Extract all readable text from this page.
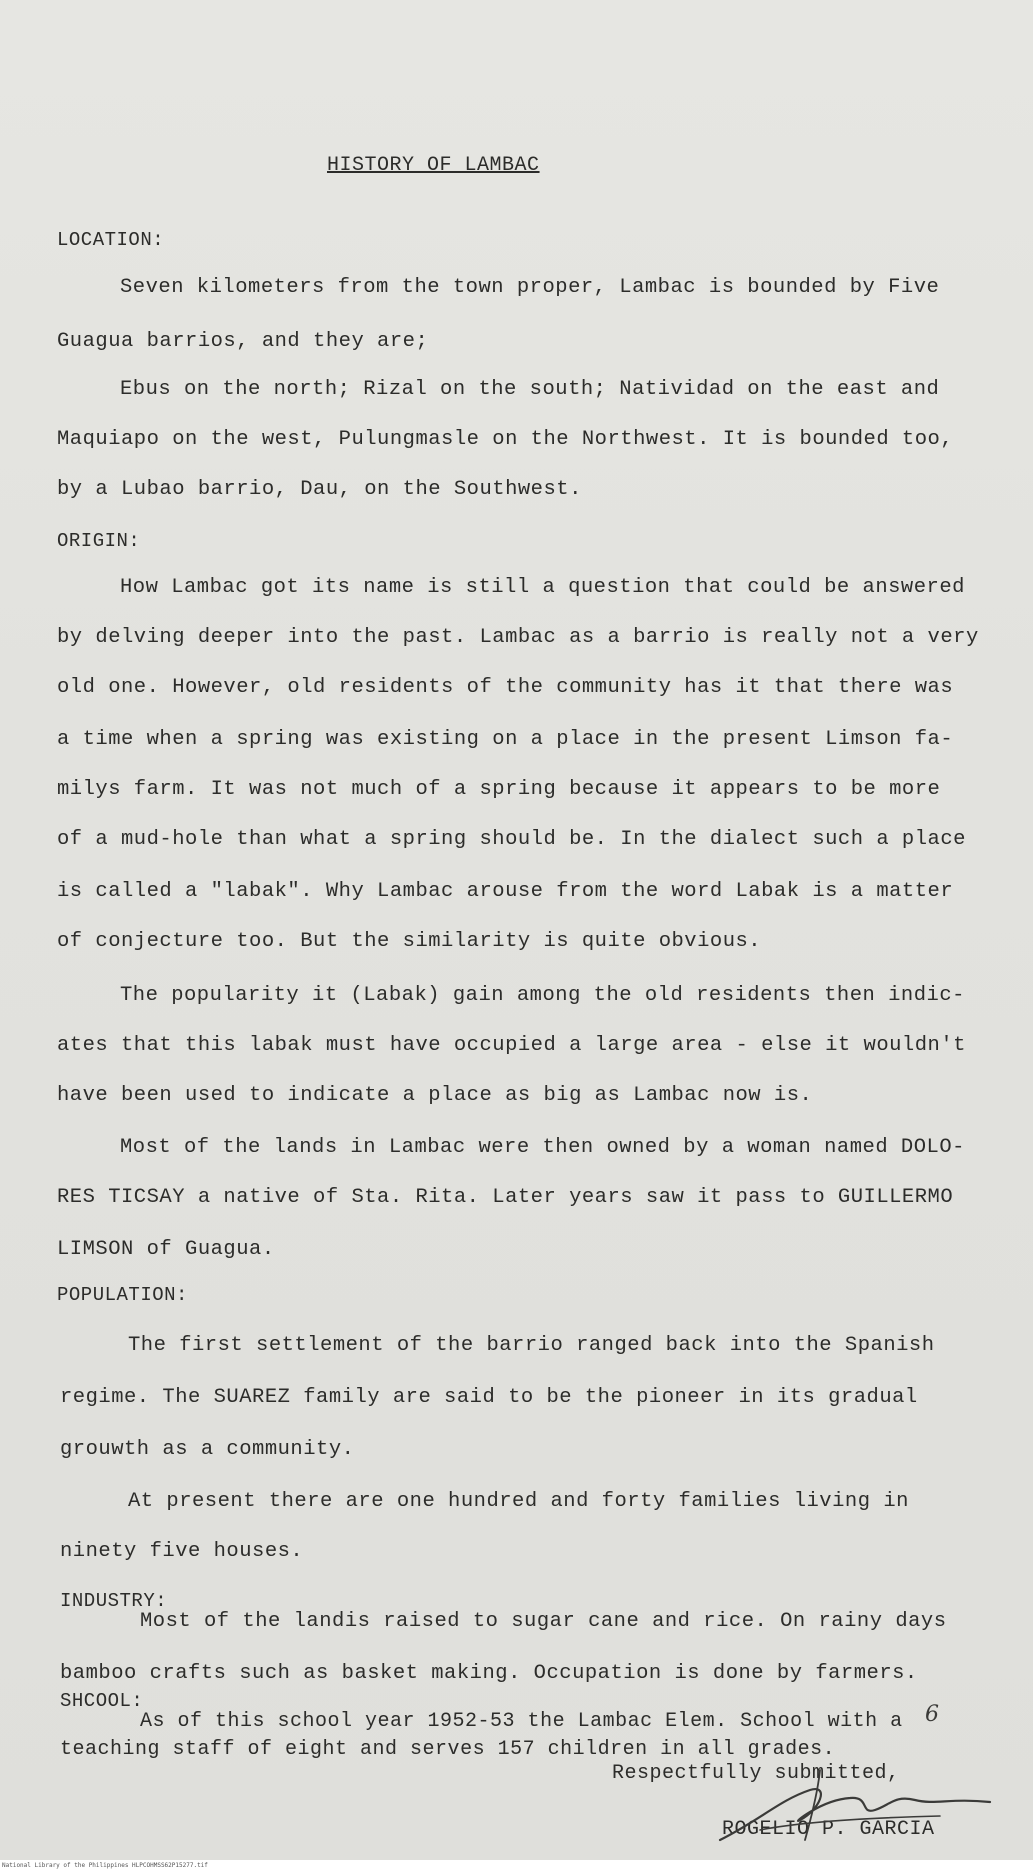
HISTORY OF LAMBAC
LOCATION:
Seven kilometers from the town proper, Lambac is bounded by Five
Guagua barrios, and they are;
Ebus on the north; Rizal on the south; Natividad on the east and
Maquiapo on the west, Pulungmasle on the Northwest. It is bounded too,
by a Lubao barrio, Dau, on the Southwest.
ORIGIN:
How Lambac got its name is still a question that could be answered
by delving deeper into the past. Lambac as a barrio is really not a very
old one. However, old residents of the community has it that there was
a time when a spring was existing on a place in the present Limson fa-
milys farm. It was not much of a spring because it appears to be more
of a mud-hole than what a spring should be. In the dialect such a place
is called a "labak". Why Lambac arouse from the word Labak is a matter
of conjecture too. But the similarity is quite obvious.
The popularity it (Labak) gain among the old residents then indic-
ates that this labak must have occupied a large area - else it wouldn't
have been used to indicate a place as big as Lambac now is.
Most of the lands in Lambac were then owned by a woman named DOLO-
RES TICSAY a native of Sta. Rita. Later years saw it pass to GUILLERMO
LIMSON of Guagua.
POPULATION:
The first settlement of the barrio ranged back into the Spanish
regime. The SUAREZ family are said to be the pioneer in its gradual
grouwth as a community.
At present there are one hundred and forty families living in
ninety five houses.
INDUSTRY:
Most of the landis raised to sugar cane and rice. On rainy days
bamboo crafts such as basket making. Occupation is done by farmers.
SHCOOL:
As of this school year 1952-53 the Lambac Elem. School with a
teaching staff of eight and serves 157 children in all grades.
6
Respectfully submitted,
ROGELIO P. GARCIA
National Library of the Philippines HLPCOHMSS62P15277.tif
